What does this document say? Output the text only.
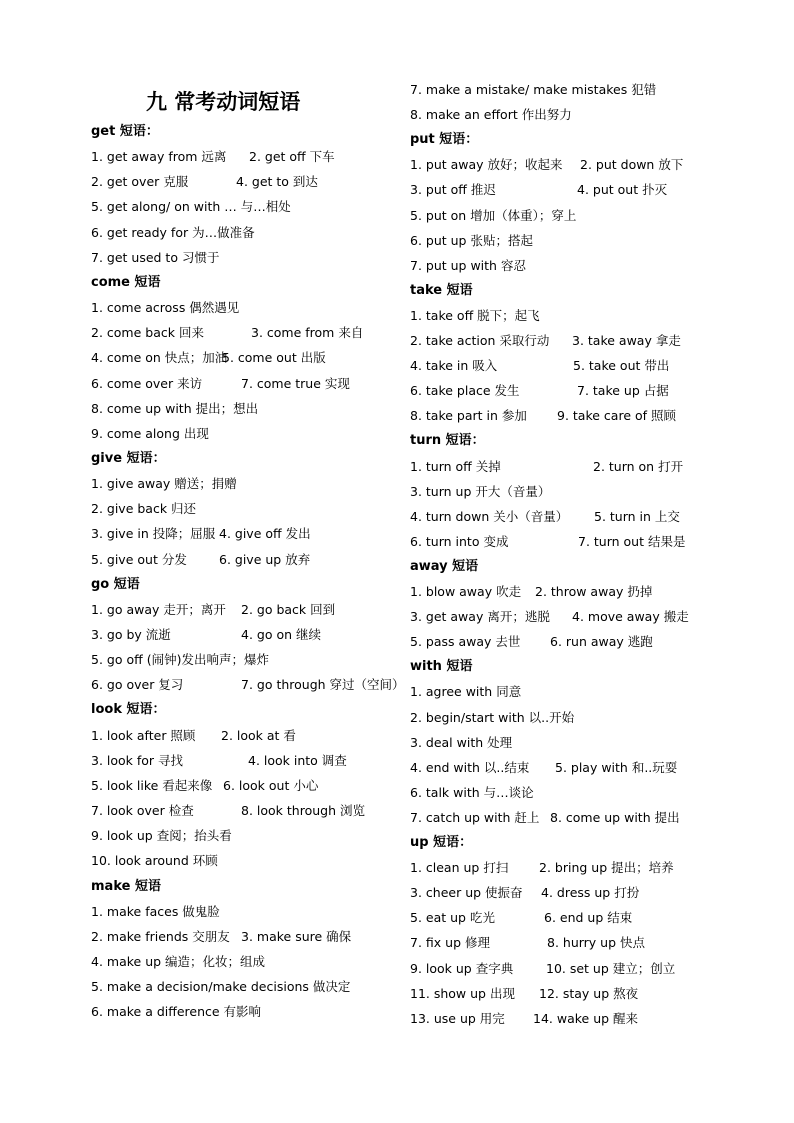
九 常考动词短语
get 短语：
1. get away from 远离 2. get off 下车
2. get over 克服	4. get to 到达
5. get along/ on with … 与…相处
6. get ready for 为…做准备
7. get used to 习惯于
come 短语
1. come across 偶然遇见
2. come back 回来	3. come from 来自
4. come on 快点；加油
5. come out 出版
6. come over 来访	7. come true 实现
8. come up with 提出；想出
9. come along 出现
give 短语：
1. give away 赠送；捐赠
2. give back 归还
3. give in 投降；屈服 4. give off 发出
5. give out 分发	6. give up 放弃
go 短语
1. go away 走开；离开 2. go back 回到
3. go by 流逝	4. go on 继续
5. go off (闹钟)发出响声；爆炸
6. go over 复习	7. go through 穿过（空间）
look 短语：
1. look after 照顾 2. look at 看
3. look for 寻找	4. look into 调查
5. look like 看起来像 6. look out 小心
7. look over 检查	8. look through 浏览
9. look up 查阅；抬头看
10. look around 环顾
make 短语
1. make faces 做鬼脸
2. make friends 交朋友 3. make sure 确保
4. make up 编造；化妆；组成
5. make a decision/make decisions 做决定
6. make a difference 有影响
7. make a mistake/ make mistakes 犯错
8. make an effort 作出努力
put 短语：
1. put away 放好；收起来 2. put down 放下
3. put off 推迟	4. put out 扑灭
5. put on 增加（体重）；穿上
6. put up 张贴；搭起
7. put up with 容忍
take 短语
1. take off 脱下；起飞
2. take action 采取行动 3. take away 拿走
4. take in 吸入	5. take out 带出
6. take place 发生	7. take up 占据
8. take part in 参加 9. take care of 照顾
turn 短语：
1. turn off 关掉	2. turn on 打开
3. turn up 开大（音量）
4. turn down 关小（音量） 5. turn in 上交
6. turn into 变成	7. turn out 结果是
away 短语
1. blow away 吹走 2. throw away 扔掉
3. get away 离开；逃脱 4. move away 搬走
5. pass away 去世 6. run away 逃跑
with 短语
1. agree with 同意
2. begin/start with 以..开始
3. deal with 处理
4. end with 以..结束 5. play with 和..玩耍
6. talk with 与…谈论
7. catch up with 赶上 8. come up with 提出
up 短语：
1. clean up 打扫 2. bring up 提出；培养
3. cheer up 使振奋 4. dress up 打扮
5. eat up 吃光	6. end up 结束
7. fix up 修理	8. hurry up 快点
9. look up 查字典	10. set up 建立；创立
11. show up 出现 12. stay up 熬夜
13. use up 用完 14. wake up 醒来
